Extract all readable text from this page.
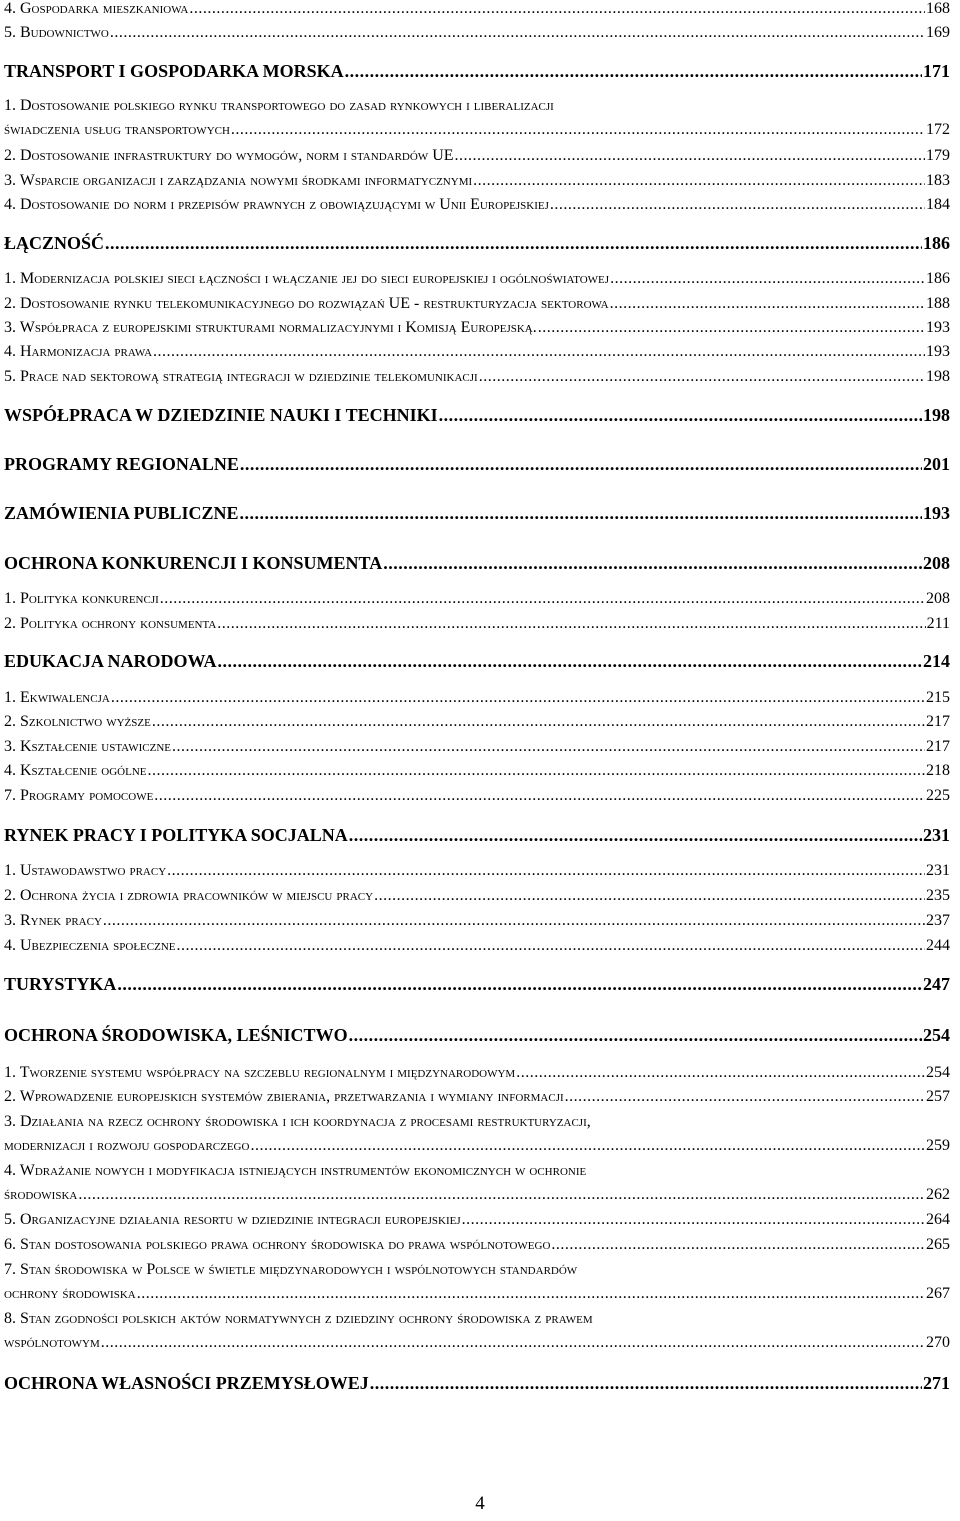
4. Gospodarka mieszkaniowa .....	168
5. Budownictwo .....	169
TRANSPORT I GOSPODARKA MORSKA .....	171
1. Dostosowanie polskiego rynku transportowego do zasad rynkowych i liberalizacji
świadczenia usług transportowych .....	172
2. Dostosowanie infrastruktury do wymogów, norm i standardów UE .....	179
3. Wsparcie organizacji i zarządzania nowymi środkami informatycznymi .....	183
4. Dostosowanie do norm i przepisów prawnych z obowiązującymi w Unii Europejskiej .....	184
ŁĄCZNOŚĆ .....	186
1. Modernizacja polskiej sieci łączności i włączanie jej do sieci europejskiej i ogólnoświatowej .....	186
2. Dostosowanie rynku telekomunikacyjnego do rozwiązań UE - restrukturyzacja sektorowa .....	188
3. Współpraca z europejskimi strukturami normalizacyjnymi i Komisją Europejską. .....	193
4. Harmonizacja prawa .....	193
5. Prace nad sektorową strategią integracji w dziedzinie telekomunikacji .....	198
WSPÓŁPRACA W DZIEDZINIE NAUKI I TECHNIKI .....	198
PROGRAMY REGIONALNE .....	201
ZAMÓWIENIA PUBLICZNE .....	193
OCHRONA KONKURENCJI I KONSUMENTA .....	208
1. Polityka konkurencji .....	208
2. Polityka ochrony konsumenta .....	211
EDUKACJA NARODOWA .....	214
1. Ekwiwalencja .....	215
2. Szkolnictwo wyższe .....	217
3. Kształcenie ustawiczne .....	217
4. Kształcenie ogólne .....	218
7. Programy pomocowe .....	225
RYNEK PRACY I POLITYKA SOCJALNA .....	231
1. Ustawodawstwo pracy .....	231
2. Ochrona życia i zdrowia pracowników w miejscu pracy .....	235
3. Rynek pracy .....	237
4. Ubezpieczenia społeczne .....	244
TURYSTYKA .....	247
OCHRONA ŚRODOWISKA, LEŚNICTWO .....	254
1. Tworzenie systemu współpracy na szczeblu regionalnym i międzynarodowym .....	254
2. Wprowadzenie europejskich systemów zbierania, przetwarzania i wymiany informacji .....	257
3. Działania na rzecz ochrony środowiska i ich koordynacja z procesami restrukturyzacji,
modernizacji i rozwoju gospodarczego .....	259
4. Wdrażanie nowych i modyfikacja istniejących instrumentów ekonomicznych w ochronie
środowiska .....	262
5. Organizacyjne działania resortu w dziedzinie integracji europejskiej .....	264
6. Stan dostosowania polskiego prawa ochrony środowiska do prawa wspólnotowego .....	265
7. Stan środowiska w Polsce w świetle międzynarodowych i wspólnotowych standardów
ochrony środowiska .....	267
8. Stan zgodności polskich aktów normatywnych z dziedziny ochrony środowiska z prawem
wspólnotowym .....	270
OCHRONA WŁASNOŚCI PRZEMYSŁOWEJ .....	271
4
